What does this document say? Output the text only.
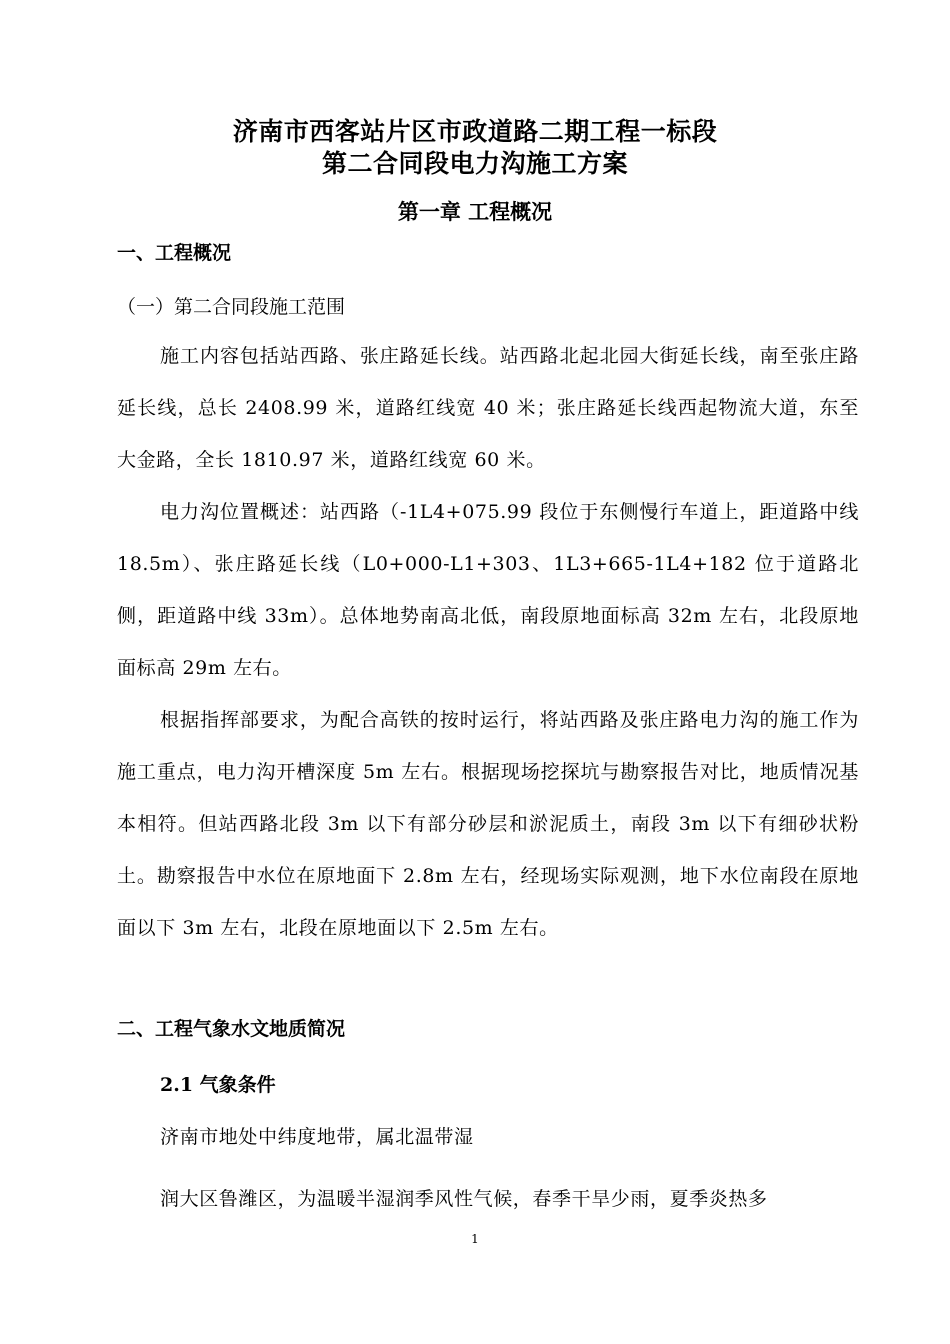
济南市西客站片区市政道路二期工程一标段
第二合同段电力沟施工方案
第一章 工程概况
一、工程概况
（一）第二合同段施工范围
施工内容包括站西路、张庄路延长线。站西路北起北园大街延长线，南至张庄路延长线，总长 2408.99 米，道路红线宽 40 米；张庄路延长线西起物流大道，东至大金路，全长 1810.97 米，道路红线宽 60 米。
电力沟位置概述：站西路（-1L4+075.99 段位于东侧慢行车道上，距道路中线 18.5m）、张庄路延长线（L0+000-L1+303、1L3+665-1L4+182 位于道路北侧，距道路中线 33m）。总体地势南高北低，南段原地面标高 32m 左右，北段原地面标高 29m 左右。
根据指挥部要求，为配合高铁的按时运行，将站西路及张庄路电力沟的施工作为施工重点，电力沟开槽深度 5m 左右。根据现场挖探坑与勘察报告对比，地质情况基本相符。但站西路北段 3m 以下有部分砂层和淤泥质土，南段 3m 以下有细砂状粉土。勘察报告中水位在原地面下 2.8m 左右，经现场实际观测，地下水位南段在原地面以下 3m 左右，北段在原地面以下 2.5m 左右。
二、工程气象水文地质简况
2.1 气象条件
济南市地处中纬度地带，属北温带湿
润大区鲁潍区，为温暖半湿润季风性气候，春季干旱少雨，夏季炎热多
1
